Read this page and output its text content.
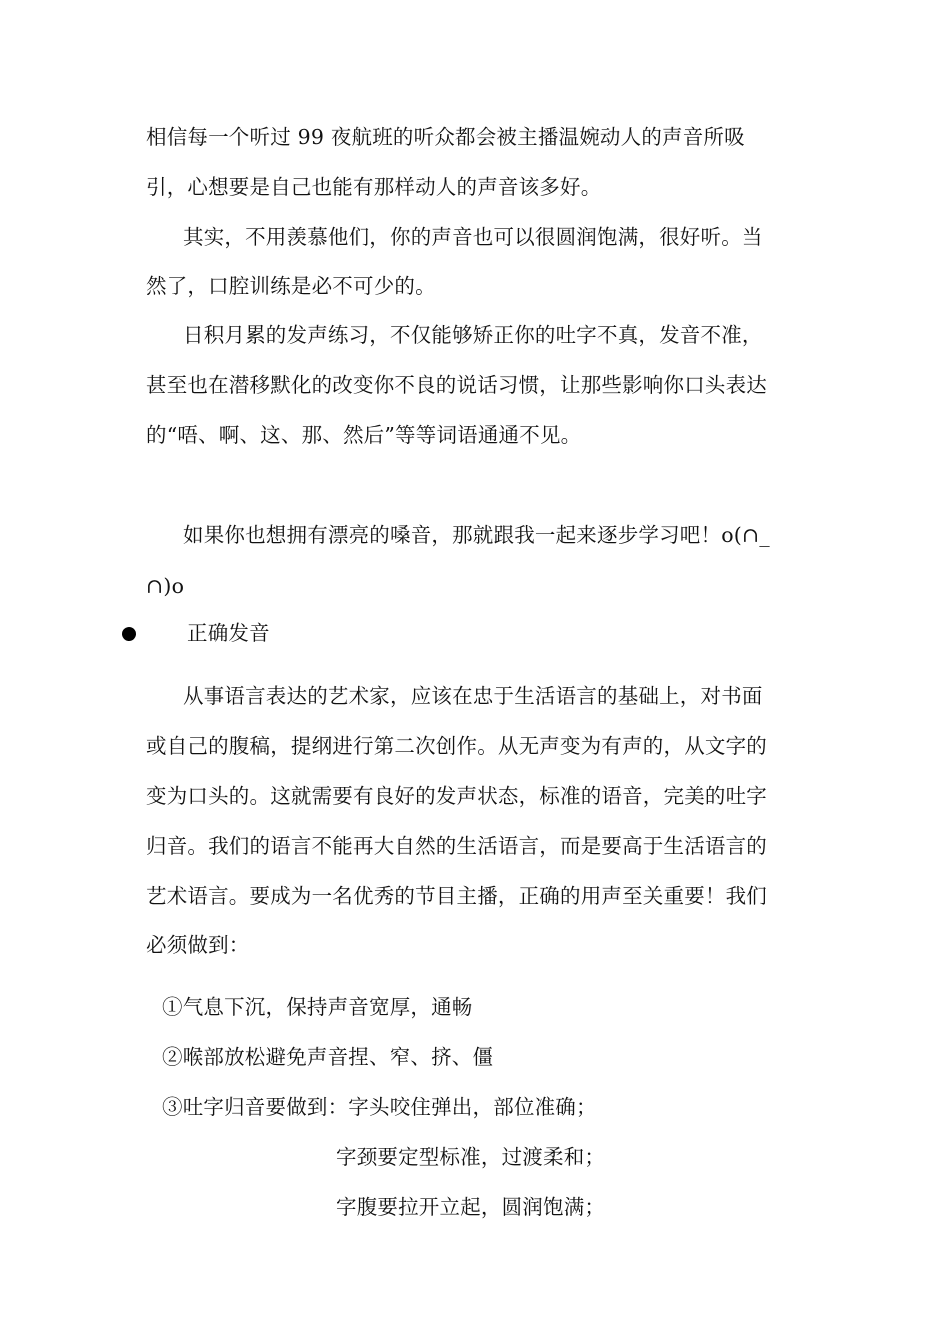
相信每一个听过 99 夜航班的听众都会被主播温婉动人的声音所吸

引，心想要是自己也能有那样动人的声音该多好。

其实，不用羡慕他们，你的声音也可以很圆润饱满，很好听。当

然了，口腔训练是必不可少的。

日积月累的发声练习，不仅能够矫正你的吐字不真，发音不准，

甚至也在潜移默化的改变你不良的说话习惯，让那些影响你口头表达

的“唔、啊、这、那、然后”等等词语通通不见。

如果你也想拥有漂亮的嗓音，那就跟我一起来逐步学习吧！o(∩_

∩)o

正确发音

从事语言表达的艺术家，应该在忠于生活语言的基础上，对书面

或自己的腹稿，提纲进行第二次创作。从无声变为有声的，从文字的

变为口头的。这就需要有良好的发声状态，标准的语音，完美的吐字

归音。我们的语言不能再大自然的生活语言，而是要高于生活语言的

艺术语言。要成为一名优秀的节目主播，正确的用声至关重要！我们

必须做到：

①气息下沉，保持声音宽厚，通畅

②喉部放松避免声音捏、窄、挤、僵

③吐字归音要做到：字头咬住弹出，部位准确；

字颈要定型标准，过渡柔和；

字腹要拉开立起，圆润饱满；
